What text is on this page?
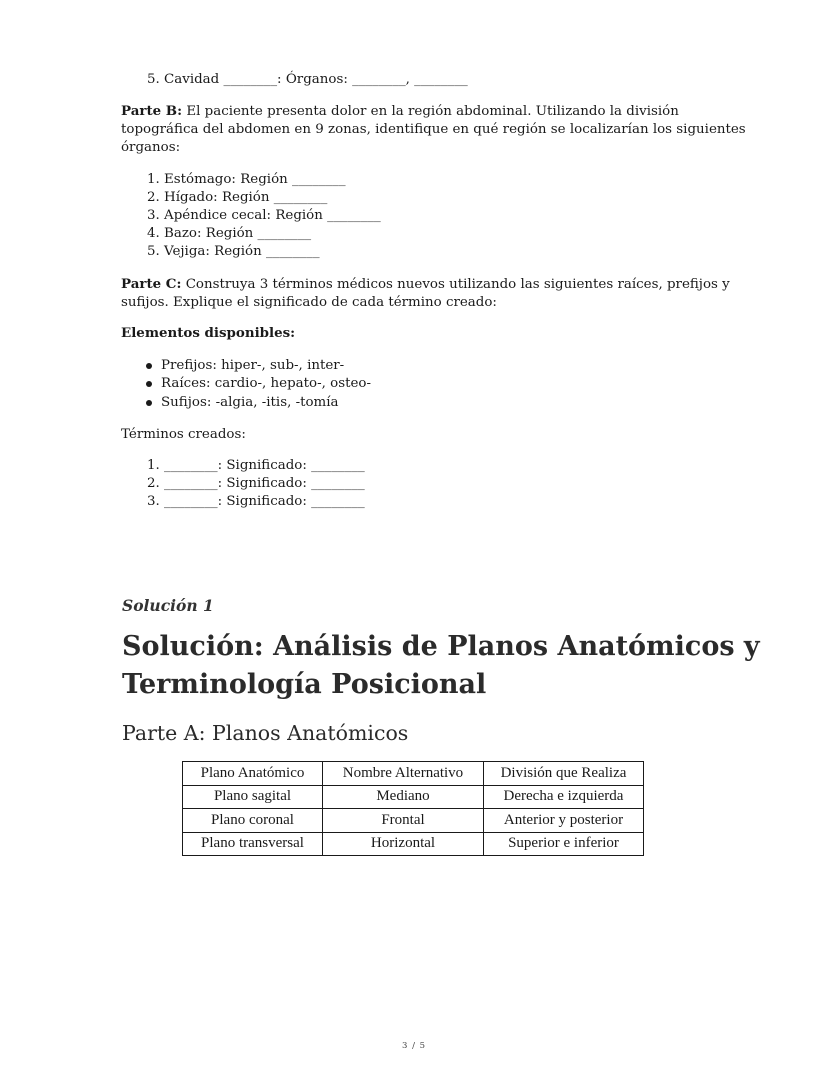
5. Cavidad ________: Órganos: ________, ________
Parte B: El paciente presenta dolor en la región abdominal. Utilizando la división
topográfica del abdomen en 9 zonas, identifique en qué región se localizarían los siguientes
órganos:
1. Estómago: Región ________
2. Hígado: Región ________
3. Apéndice cecal: Región ________
4. Bazo: Región ________
5. Vejiga: Región ________
Parte C: Construya 3 términos médicos nuevos utilizando las siguientes raíces, prefijos y
sufijos. Explique el significado de cada término creado:
Elementos disponibles:
Prefijos: hiper-, sub-, inter-
Raíces: cardio-, hepato-, osteo-
Sufijos: -algia, -itis, -tomía
Términos creados:
1. ________: Significado: ________
2. ________: Significado: ________
3. ________: Significado: ________
Solución 1
Solución: Análisis de Planos Anatómicos y
Terminología Posicional
Parte A: Planos Anatómicos
Plano Anatómico	Nombre Alternativo	División que Realiza
Plano sagital	Mediano	Derecha e izquierda
Plano coronal	Frontal	Anterior y posterior
Plano transversal	Horizontal	Superior e inferior
3 / 5
